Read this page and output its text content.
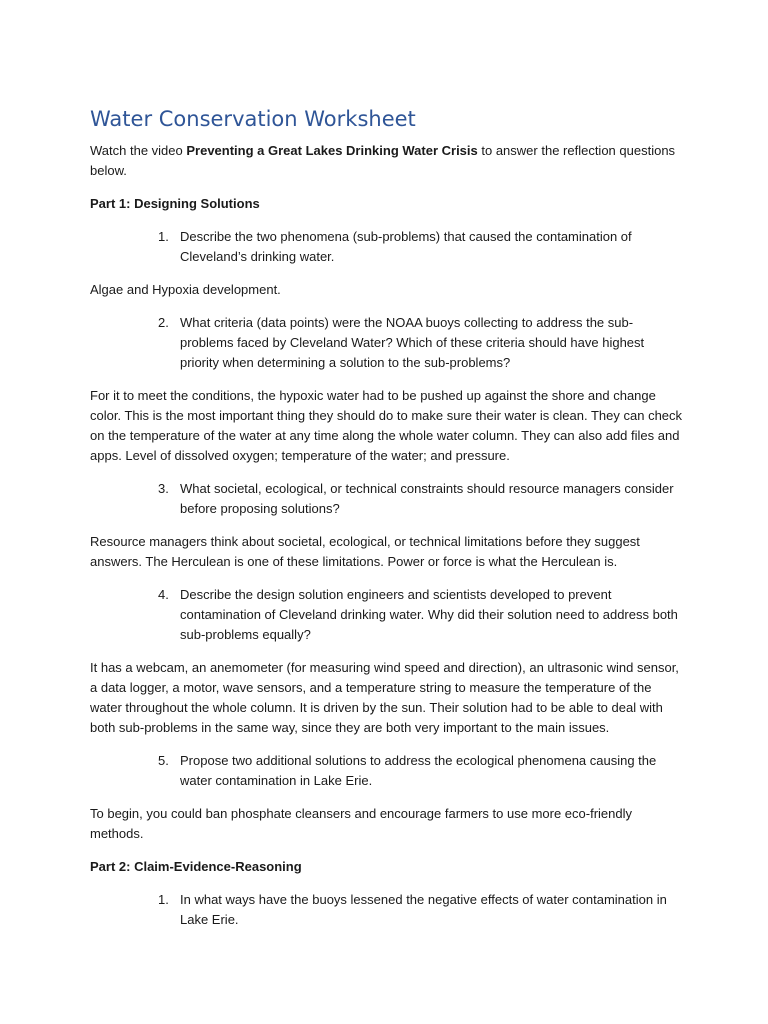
Water Conservation Worksheet

Watch the video Preventing a Great Lakes Drinking Water Crisis to answer the reflection questions below.

Part 1: Designing Solutions

1. Describe the two phenomena (sub-problems) that caused the contamination of Cleveland’s drinking water.

Algae and Hypoxia development.

2. What criteria (data points) were the NOAA buoys collecting to address the sub-problems faced by Cleveland Water? Which of these criteria should have highest priority when determining a solution to the sub-problems?

For it to meet the conditions, the hypoxic water had to be pushed up against the shore and change color. This is the most important thing they should do to make sure their water is clean. They can check on the temperature of the water at any time along the whole water column. They can also add files and apps. Level of dissolved oxygen; temperature of the water; and pressure.

3. What societal, ecological, or technical constraints should resource managers consider before proposing solutions?

Resource managers think about societal, ecological, or technical limitations before they suggest answers. The Herculean is one of these limitations. Power or force is what the Herculean is.

4. Describe the design solution engineers and scientists developed to prevent contamination of Cleveland drinking water. Why did their solution need to address both sub-problems equally?

It has a webcam, an anemometer (for measuring wind speed and direction), an ultrasonic wind sensor, a data logger, a motor, wave sensors, and a temperature string to measure the temperature of the water throughout the whole column. It is driven by the sun. Their solution had to be able to deal with both sub-problems in the same way, since they are both very important to the main issues.

5. Propose two additional solutions to address the ecological phenomena causing the water contamination in Lake Erie.

To begin, you could ban phosphate cleansers and encourage farmers to use more eco-friendly methods.

Part 2: Claim-Evidence-Reasoning

1. In what ways have the buoys lessened the negative effects of water contamination in Lake Erie.
